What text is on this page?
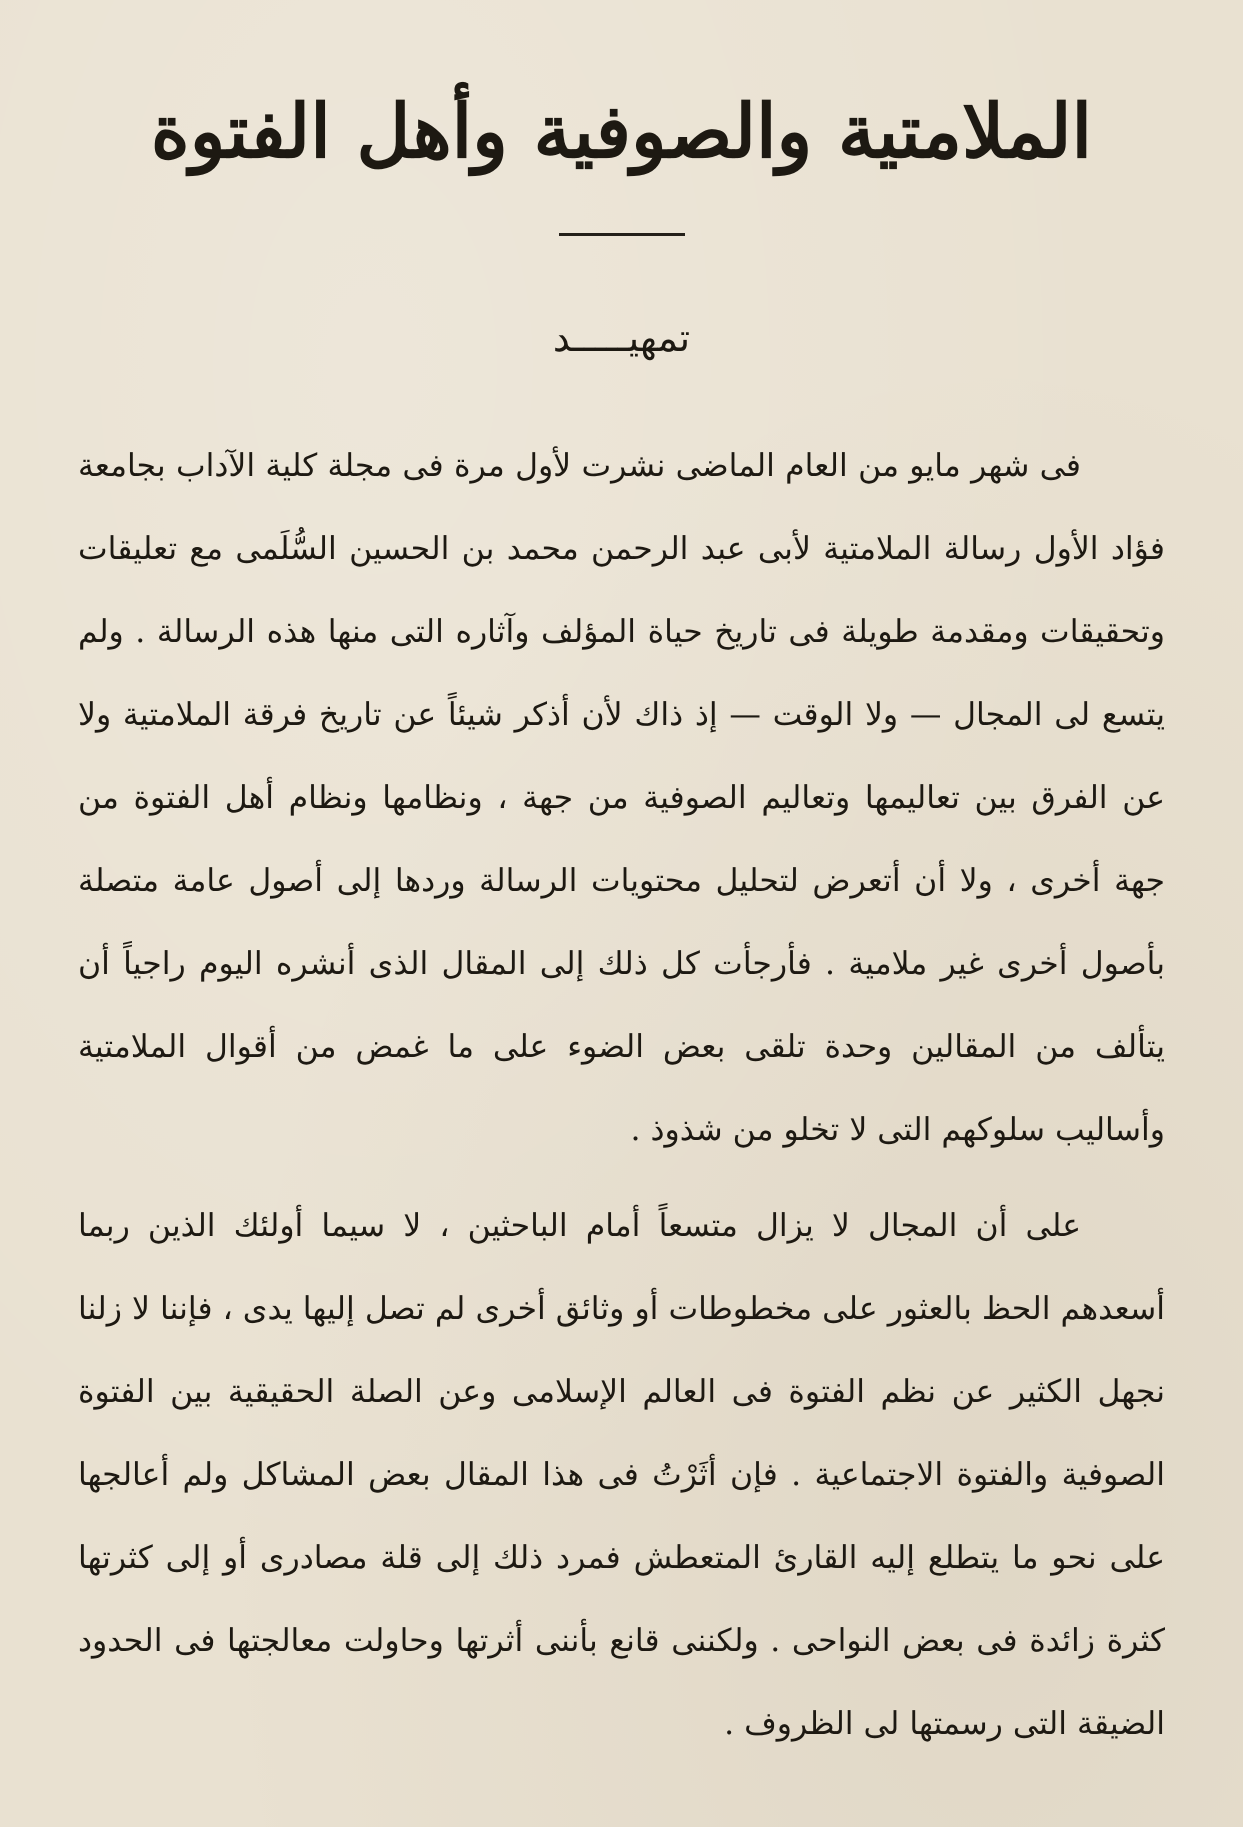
الملامتية والصوفية وأهل الفتوة
تمهيـــــد

فى شهر مايو من العام الماضى نشرت لأول مرة فى مجلة كلية الآداب بجامعة فؤاد الأول رسالة الملامتية لأبى عبد الرحمن محمد بن الحسين السُّلَمى مع تعليقات وتحقيقات ومقدمة طويلة فى تاريخ حياة المؤلف وآثاره التى منها هذه الرسالة . ولم يتسع لى المجال — ولا الوقت — إذ ذاك لأن أذكر شيئاً عن تاريخ فرقة الملامتية ولا عن الفرق بين تعاليمها وتعاليم الصوفية من جهة ، ونظامها ونظام أهل الفتوة من جهة أخرى ، ولا أن أتعرض لتحليل محتويات الرسالة وردها إلى أصول عامة متصلة بأصول أخرى غير ملامية . فأرجأت كل ذلك إلى المقال الذى أنشره اليوم راجياً أن يتألف من المقالين وحدة تلقى بعض الضوء على ما غمض من أقوال الملامتية وأساليب سلوكهم التى لا تخلو من شذوذ .

على أن المجال لا يزال متسعاً أمام الباحثين ، لا سيما أولئك الذين ربما أسعدهم الحظ بالعثور على مخطوطات أو وثائق أخرى لم تصل إليها يدى ، فإننا لا زلنا نجهل الكثير عن نظم الفتوة فى العالم الإسلامى وعن الصلة الحقيقية بين الفتوة الصوفية والفتوة الاجتماعية . فإن أثَرْتُ فى هذا المقال بعض المشاكل ولم أعالجها على نحو ما يتطلع إليه القارئ المتعطش فمرد ذلك إلى قلة مصادرى أو إلى كثرتها كثرة زائدة فى بعض النواحى . ولكننى قانع بأننى أثرتها وحاولت معالجتها فى الحدود الضيقة التى رسمتها لى الظروف .
